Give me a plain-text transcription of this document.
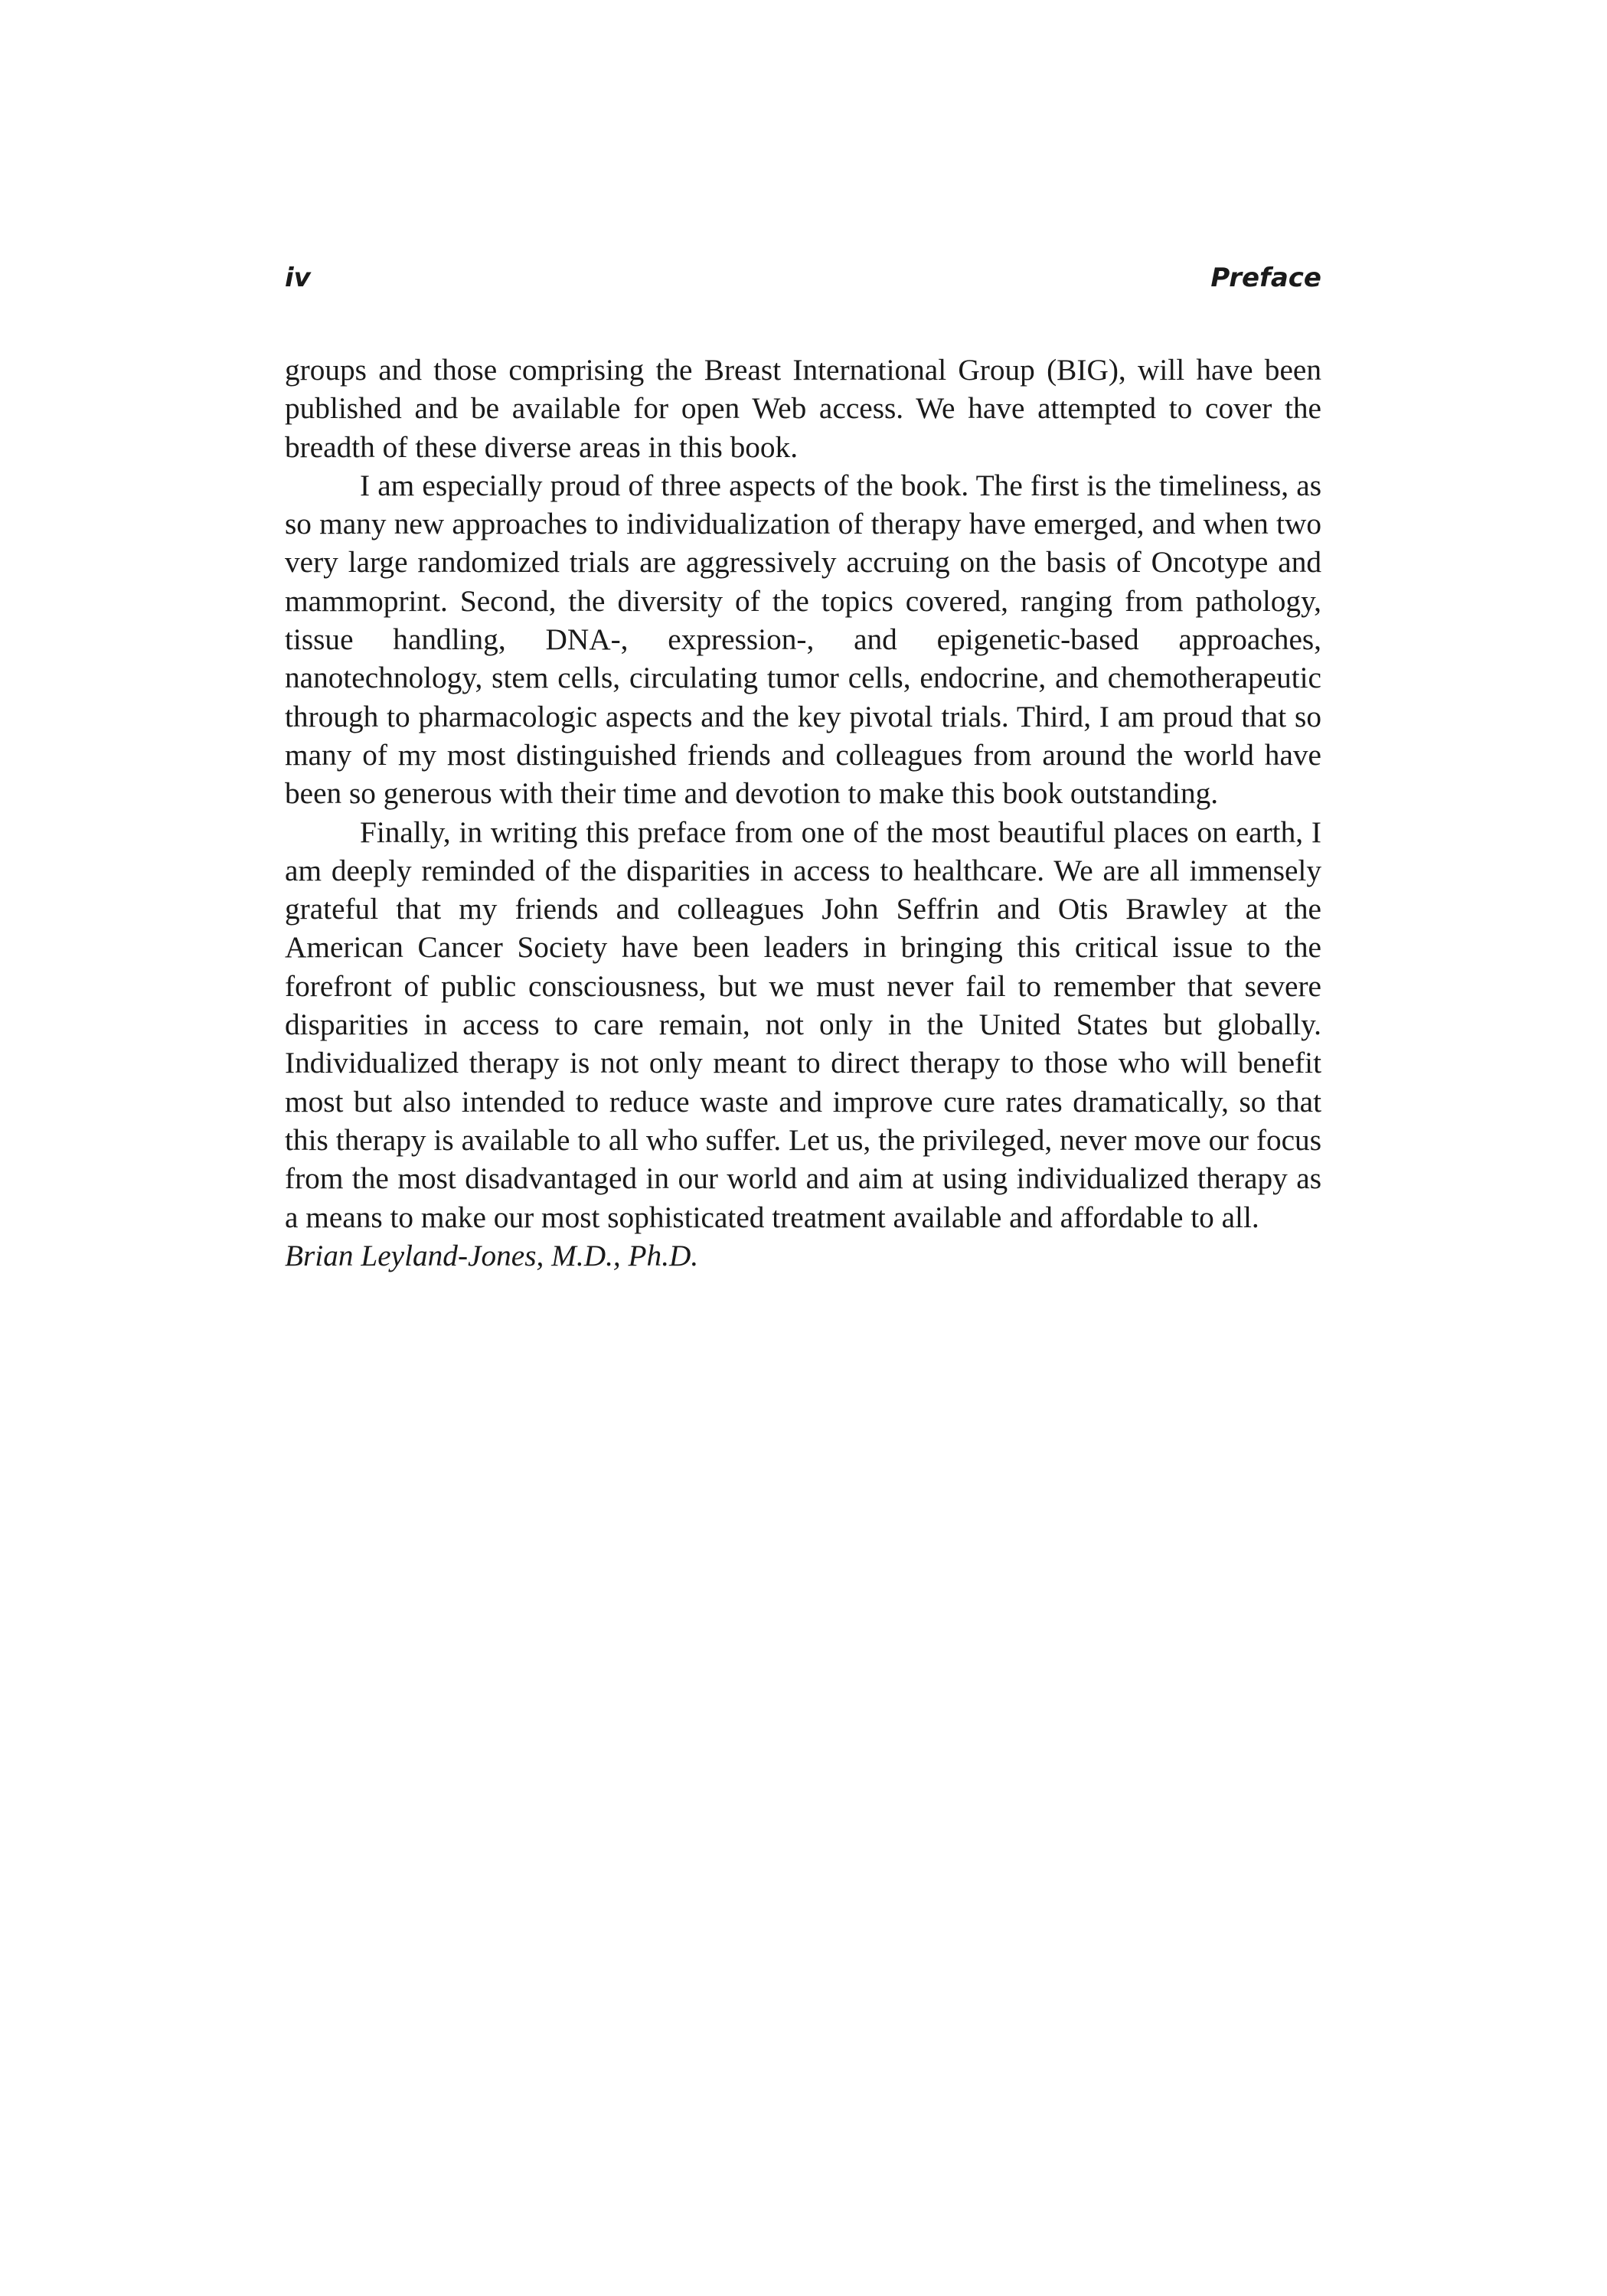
iv	Preface

groups and those comprising the Breast International Group (BIG), will have been published and be available for open Web access. We have attempted to cover the breadth of these diverse areas in this book.

I am especially proud of three aspects of the book. The first is the timeliness, as so many new approaches to individualization of therapy have emerged, and when two very large randomized trials are aggressively accruing on the basis of Oncotype and mammoprint. Second, the diversity of the topics covered, ranging from pathology, tissue handling, DNA-, expression-, and epigenetic-based approaches, nanotechnology, stem cells, circulating tumor cells, endocrine, and chemotherapeutic through to pharmacologic aspects and the key pivotal trials. Third, I am proud that so many of my most distinguished friends and colleagues from around the world have been so generous with their time and devotion to make this book outstanding.

Finally, in writing this preface from one of the most beautiful places on earth, I am deeply reminded of the disparities in access to healthcare. We are all immensely grateful that my friends and colleagues John Seffrin and Otis Brawley at the American Cancer Society have been leaders in bringing this critical issue to the forefront of public consciousness, but we must never fail to remember that severe disparities in access to care remain, not only in the United States but globally. Individualized therapy is not only meant to direct therapy to those who will benefit most but also intended to reduce waste and improve cure rates dramatically, so that this therapy is available to all who suffer. Let us, the privileged, never move our focus from the most disadvantaged in our world and aim at using individualized therapy as a means to make our most sophisticated treatment available and affordable to all.

Brian Leyland-Jones, M.D., Ph.D.
